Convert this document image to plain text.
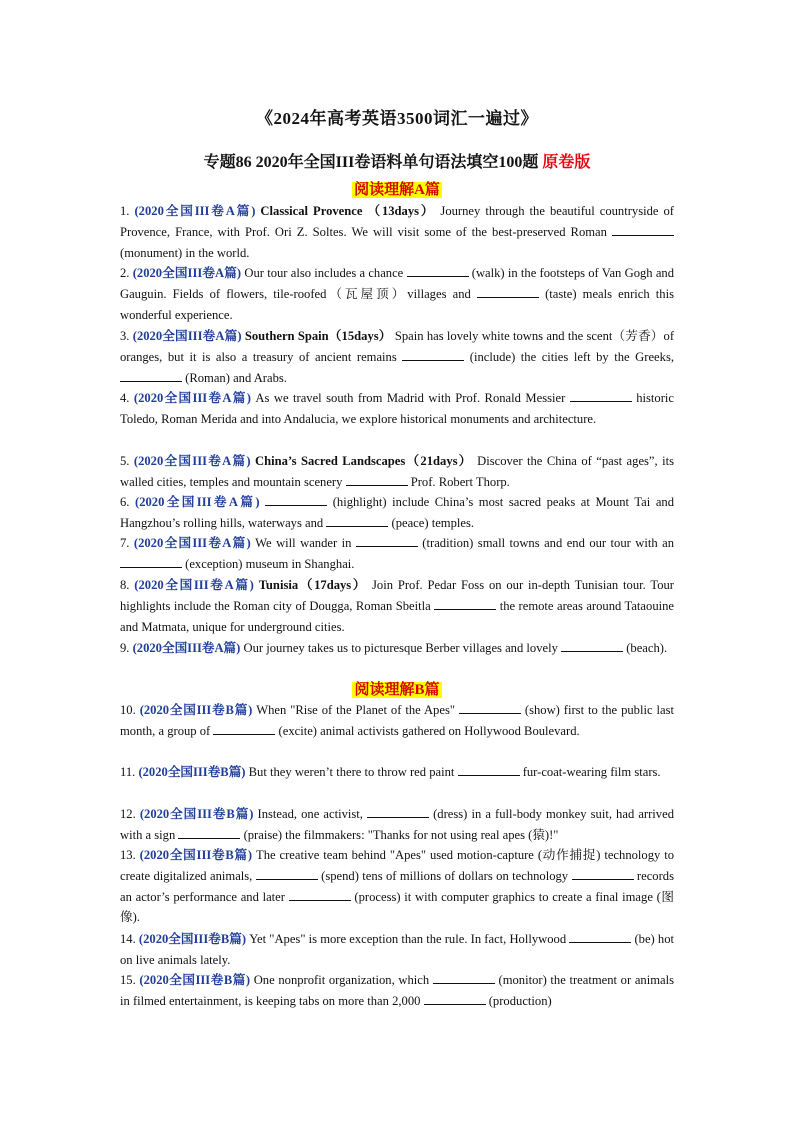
《2024年高考英语3500词汇一遍过》
专题86 2020年全国III卷语料单句语法填空100题 原卷版
阅读理解A篇
阅读理解B篇
1. (2020全国III卷A篇) Classical Provence （13days） Journey through the beautiful countryside of Provence, France, with Prof. Ori Z. Soltes. We will visit some of the best-preserved Roman  (monument) in the world.
2. (2020全国III卷A篇) Our tour also includes a chance	(walk) in the footsteps of Van Gogh and Gauguin. Fields of flowers, tile-roofed（瓦屋顶）villages and	(taste) meals enrich this wonderful experience.
3. (2020全国III卷A篇) Southern Spain（15days） Spain has lovely white towns and the scent（芳香）of oranges, but it is also a treasury of ancient remains	(include) the cities left by the Greeks,  (Roman) and Arabs.
4. (2020全国III卷A篇) As we travel south from Madrid with Prof. Ronald Messier	historic Toledo, Roman Merida and into Andalucia, we explore historical monuments and architecture.
5. (2020全国III卷A篇) China’s Sacred Landscapes（21days） Discover the China of “past ages”, its walled cities, temples and mountain scenery	Prof. Robert Thorp.
6. (2020全国III卷A篇)	(highlight) include China’s most sacred peaks at Mount Tai and Hangzhou’s rolling hills, waterways and	(peace) temples.
7. (2020全国III卷A篇) We will wander in	(tradition) small towns and end our tour with an  (exception) museum in Shanghai.
8. (2020全国III卷A篇) Tunisia（17days） Join Prof. Pedar Foss on our in-depth Tunisian tour. Tour highlights include the Roman city of Dougga, Roman Sbeitla	the remote areas around Tataouine and Matmata, unique for underground cities.
9. (2020全国III卷A篇) Our journey takes us to picturesque Berber villages and lovely	(beach).
10. (2020全国III卷B篇) When "Rise of the Planet of the Apes"	(show) first to the public last month, a group of	(excite) animal activists gathered on Hollywood Boulevard.
11. (2020全国III卷B篇) But they weren’t there to throw red paint	fur-coat-wearing film stars.
12. (2020全国III卷B篇) Instead, one activist,	(dress) in a full-body monkey suit, had arrived with a sign	(praise) the filmmakers: "Thanks for not using real apes (猿)!"
13. (2020全国III卷B篇) The creative team behind "Apes" used motion-capture (动作捕捉) technology to create digitalized animals,	(spend) tens of millions of dollars on technology	records an actor’s performance and later	(process) it with computer graphics to create a final image (图像).
14. (2020全国III卷B篇) Yet "Apes" is more exception than the rule. In fact, Hollywood	(be) hot on live animals lately.
15. (2020全国III卷B篇) One nonprofit organization, which	(monitor) the treatment or animals in filmed entertainment, is keeping tabs on more than 2,000	(production)
